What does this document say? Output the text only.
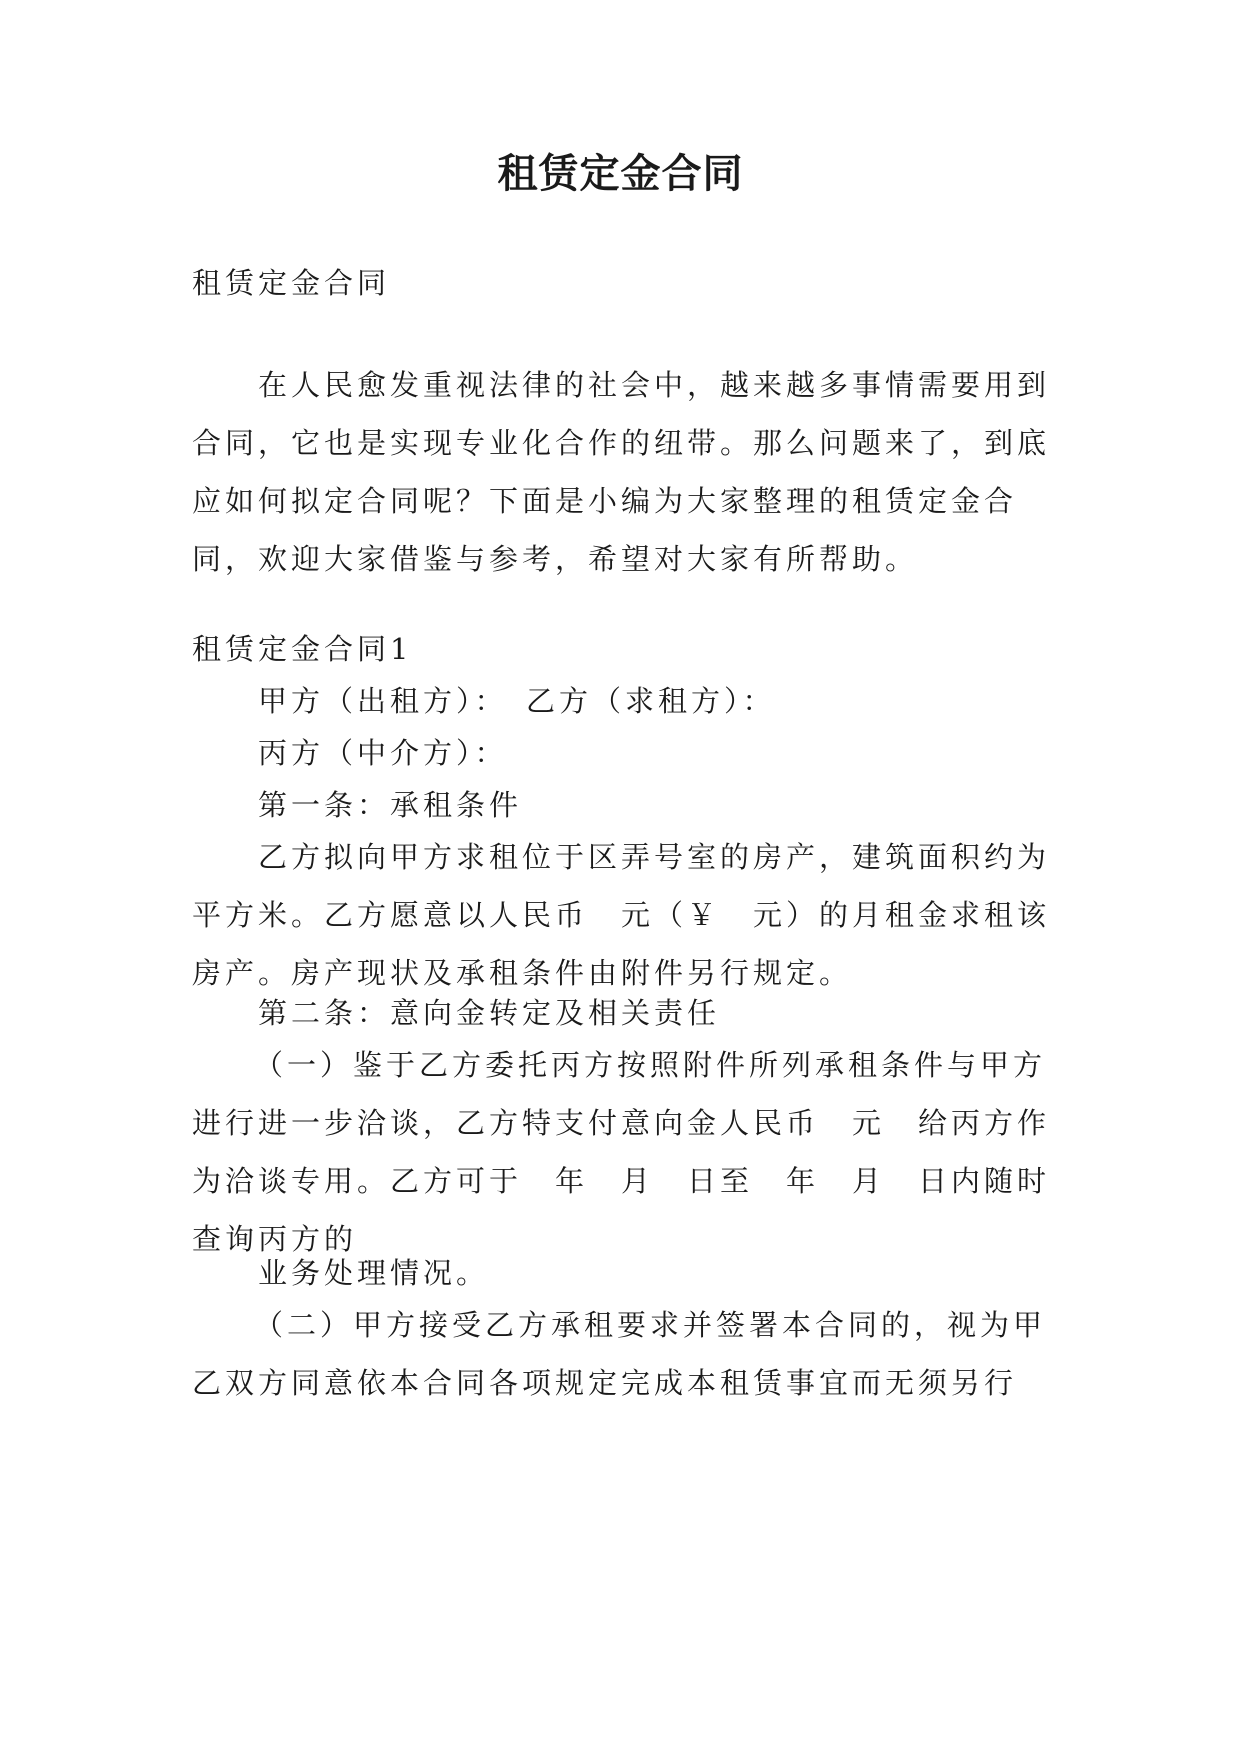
租赁定金合同

租赁定金合同

在人民愈发重视法律的社会中，越来越多事情需要用到合同，它也是实现专业化合作的纽带。那么问题来了，到底应如何拟定合同呢？下面是小编为大家整理的租赁定金合同，欢迎大家借鉴与参考，希望对大家有所帮助。

租赁定金合同1

甲方（出租方）：　乙方（求租方）：

丙方（中介方）：

第一条：承租条件

乙方拟向甲方求租位于区弄号室的房产，建筑面积约为平方米。乙方愿意以人民币　元（￥　元）的月租金求租该房产。房产现状及承租条件由附件另行规定。

第二条：意向金转定及相关责任

（一）鉴于乙方委托丙方按照附件所列承租条件与甲方进行进一步洽谈，乙方特支付意向金人民币　元　给丙方作为洽谈专用。乙方可于　年　月　日至　年　月　日内随时查询丙方的

业务处理情况。

（二）甲方接受乙方承租要求并签署本合同的，视为甲乙双方同意依本合同各项规定完成本租赁事宜而无须另行
